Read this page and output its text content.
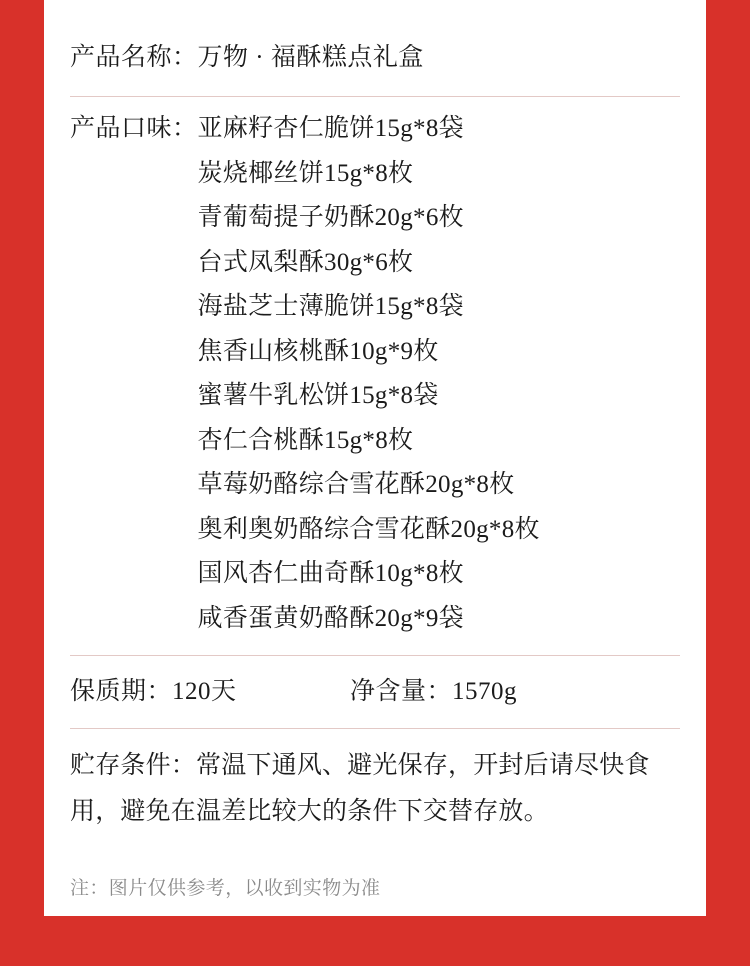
产品名称： 万物 · 福酥糕点礼盒
产品口味： 亚麻籽杏仁脆饼15g*8袋
炭烧椰丝饼15g*8枚
青葡萄提子奶酥20g*6枚
台式凤梨酥30g*6枚
海盐芝士薄脆饼15g*8袋
焦香山核桃酥10g*9枚
蜜薯牛乳松饼15g*8袋
杏仁合桃酥15g*8枚
草莓奶酪综合雪花酥20g*8枚
奥利奥奶酪综合雪花酥20g*8枚
国风杏仁曲奇酥10g*8枚
咸香蛋黄奶酪酥20g*9袋
保质期： 120天	净含量： 1570g
贮存条件：常温下通风、避光保存，开封后请尽快食用，避免在温差比较大的条件下交替存放。
注：图片仅供参考，以收到实物为准
